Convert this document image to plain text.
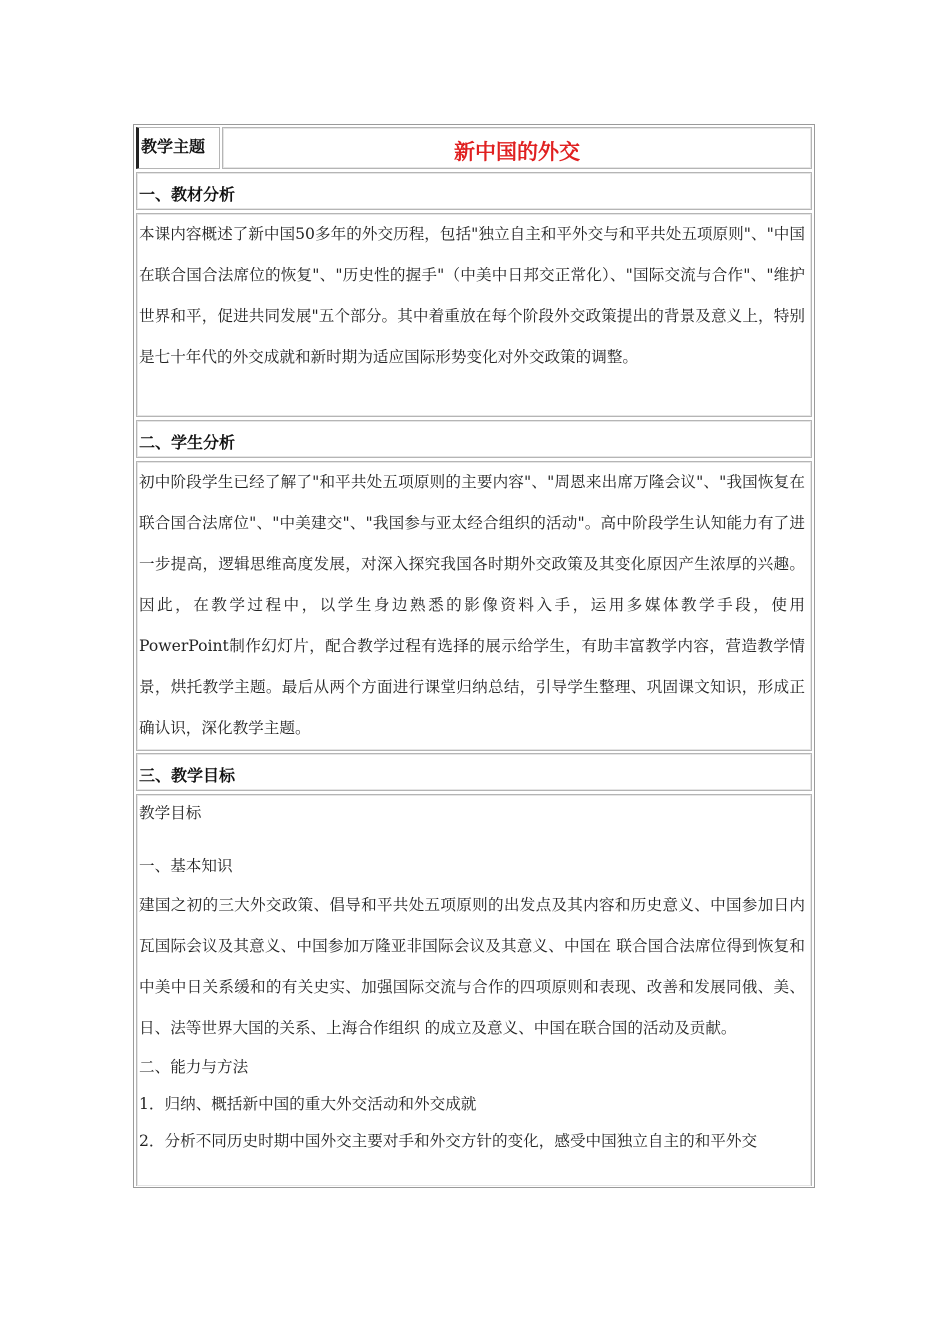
教学主题	新中国的外交
一、教材分析

本课内容概述了新中国50多年的外交历程，包括"独立自主和平外交与和平共处五项原则"、"中国在联合国合法席位的恢复"、"历史性的握手"（中美中日邦交正常化）、"国际交流与合作"、"维护世界和平，促进共同发展"五个部分。其中着重放在每个阶段外交政策提出的背景及意义上，特别是七十年代的外交成就和新时期为适应国际形势变化对外交政策的调整。

二、学生分析

初中阶段学生已经了解了"和平共处五项原则的主要内容"、"周恩来出席万隆会议"、"我国恢复在联合国合法席位"、"中美建交"、"我国参与亚太经合组织的活动"。高中阶段学生认知能力有了进一步提高，逻辑思维高度发展，对深入探究我国各时期外交政策及其变化原因产生浓厚的兴趣。因此，在教学过程中，以学生身边熟悉的影像资料入手，运用多媒体教学手段，使用PowerPoint制作幻灯片，配合教学过程有选择的展示给学生，有助丰富教学内容，营造教学情景，烘托教学主题。最后从两个方面进行课堂归纳总结，引导学生整理、巩固课文知识，形成正确认识，深化教学主题。

三、教学目标

教学目标

一、基本知识

建国之初的三大外交政策、倡导和平共处五项原则的出发点及其内容和历史意义、中国参加日内瓦国际会议及其意义、中国参加万隆亚非国际会议及其意义、中国在 联合国合法席位得到恢复和中美中日关系缓和的有关史实、加强国际交流与合作的四项原则和表现、改善和发展同俄、美、日、法等世界大国的关系、上海合作组织 的成立及意义、中国在联合国的活动及贡献。

二、能力与方法

1．归纳、概括新中国的重大外交活动和外交成就

2．分析不同历史时期中国外交主要对手和外交方针的变化，感受中国独立自主的和平外交
